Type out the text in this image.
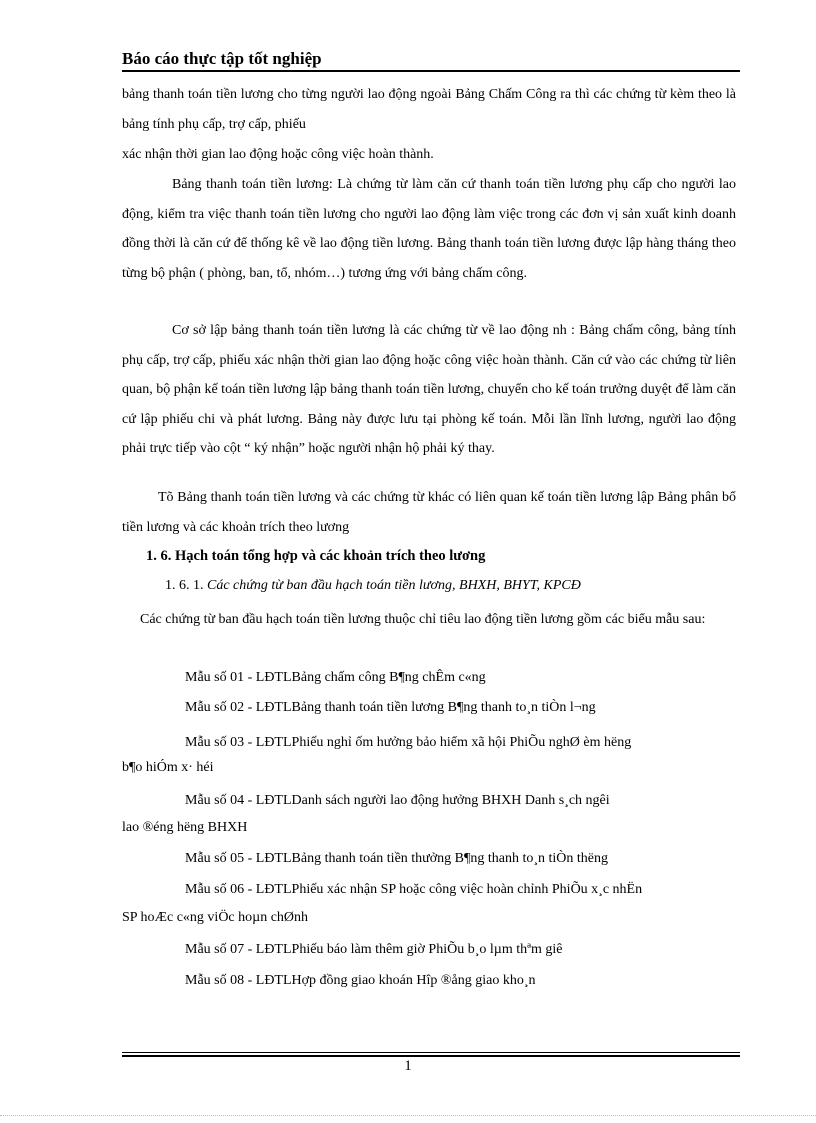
Báo cáo thực tập tốt nghiệp
bảng thanh toán tiền lương cho từng người lao động ngoài Bảng Chấm Công ra thì các chứng từ kèm theo là bảng tính phụ cấp, trợ cấp, phiếu
xác nhận thời gian lao động hoặc công việc hoàn thành.
Bảng thanh toán tiền lương: Là chứng từ làm căn cứ thanh toán tiền lương phụ cấp cho người lao động, kiểm tra việc thanh toán tiền lương cho người lao động làm việc trong các đơn vị sản xuất kinh doanh đồng thời là căn cứ để thống kê về lao động tiền lương. Bảng thanh toán tiền lương được lập hàng tháng theo từng bộ phận ( phòng, ban, tổ, nhóm…) tương ứng với bảng chấm công.
Cơ sở lập bảng thanh toán tiền lương là các chứng từ về lao động nh : Bảng chấm công, bảng tính phụ cấp, trợ cấp, phiếu xác nhận thời gian lao động hoặc công việc hoàn thành. Căn cứ vào các chứng từ liên quan, bộ phận kế toán tiền lương lập bảng thanh toán tiền lương, chuyển cho kế toán trưởng duyệt để làm căn cứ lập phiếu chi và phát lương. Bảng này được lưu tại phòng kế toán. Mỗi lần lĩnh lương, người lao động phải trực tiếp vào cột “ ký nhận” hoặc người nhận hộ phải ký thay.
Tõ Bảng thanh toán tiền lương và các chứng từ khác có liên quan kế toán tiền lương lập Bảng phân bổ tiền lương và các khoản trích theo lương
1. 6. Hạch toán tổng hợp và các khoản trích theo lương
1. 6. 1. Các chứng từ ban đầu hạch toán tiền lương, BHXH, BHYT, KPCĐ
Các chứng từ ban đầu hạch toán tiền lương thuộc chỉ tiêu lao động tiền lương gồm các biểu mẫu sau:
Mẫu số 01 - LĐTLBảng chấm công B¶ng chÊm c«ng
Mẫu số 02 - LĐTLBảng thanh toán tiền lương B¶ng thanh to¸n tiÒn l¬ng
Mẫu số 03 - LĐTLPhiếu nghỉ ốm hưởng bảo hiểm xã hội PhiÕu nghØ èm hëng
b¶o hiÓm x· héi
Mẫu số 04 - LĐTLDanh sách người lao động hưởng BHXH Danh s¸ch ngêi
lao ®éng hëng BHXH
Mẫu số 05 - LĐTLBảng thanh toán tiền thưởng B¶ng thanh to¸n tiÒn thëng
Mẫu số 06 - LĐTLPhiếu xác nhận SP hoặc công việc hoàn chỉnh PhiÕu x¸c nhËn
SP hoÆc c«ng viÖc hoµn chØnh
Mẫu số 07 - LĐTLPhiếu báo làm thêm giờ PhiÕu b¸o lµm thªm giê
Mẫu số 08 - LĐTLHợp đồng giao khoán Hîp ®ång giao kho¸n
1
